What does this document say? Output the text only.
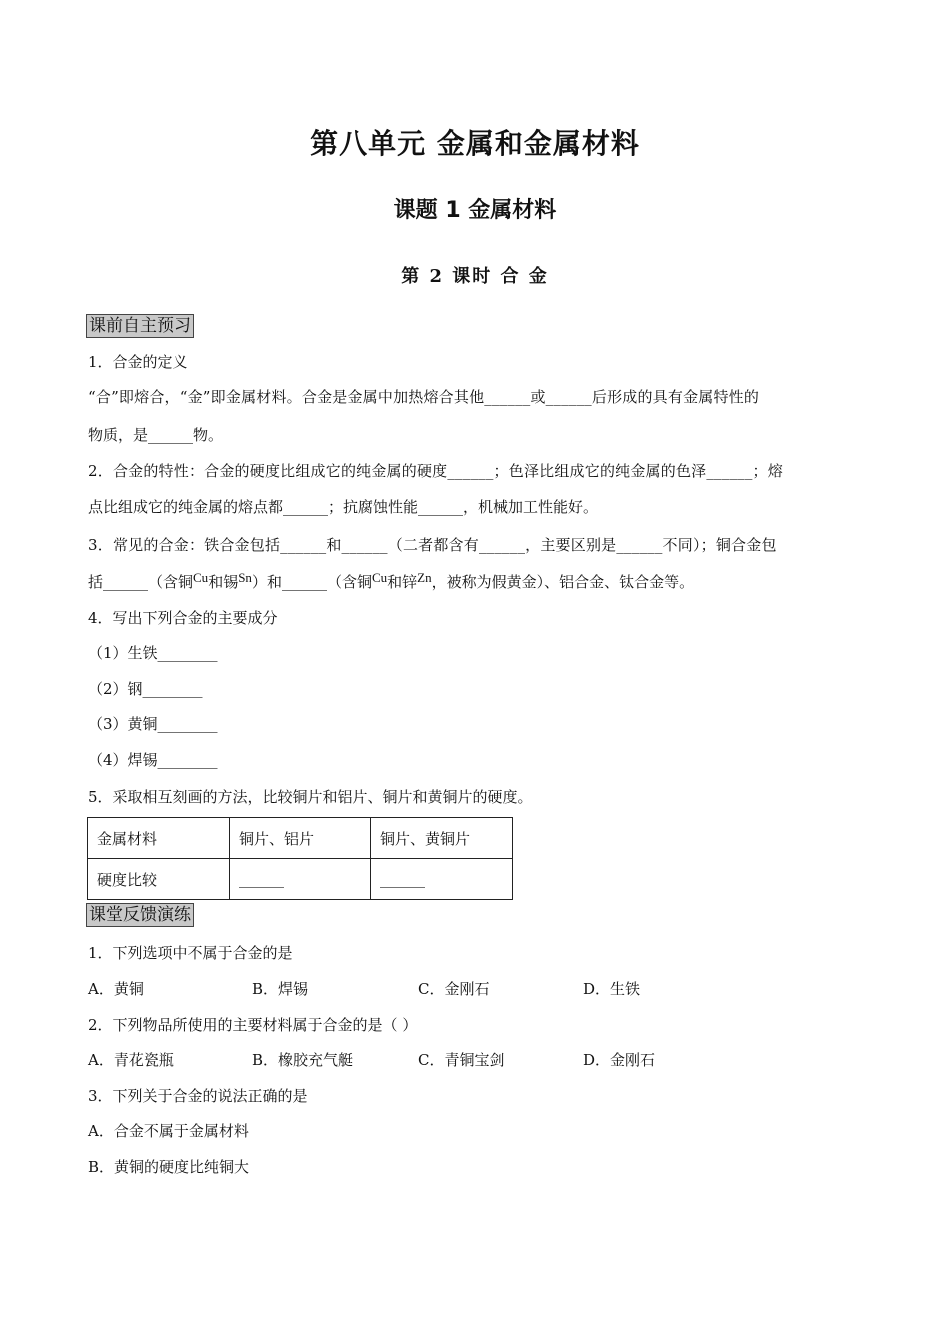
第八单元 金属和金属材料
课题 1 金属材料
第 2 课时 合 金
课前自主预习
1．合金的定义
“合”即熔合，“金”即金属材料。合金是金属中加热熔合其他______或______后形成的具有金属特性的
物质，是______物。
2．合金的特性：合金的硬度比组成它的纯金属的硬度______；色泽比组成它的纯金属的色泽______；熔
点比组成它的纯金属的熔点都______；抗腐蚀性能______，机械加工性能好。
3．常见的合金：铁合金包括______和______（二者都含有______，主要区别是______不同）；铜合金包
括______（含铜Cu和锡Sn）和______（含铜Cu和锌Zn，被称为假黄金）、铝合金、钛合金等。
4．写出下列合金的主要成分
（1）生铁________
（2）钢________
（3）黄铜________
（4）焊锡________
5．采取相互刻画的方法，比较铜片和铝片、铜片和黄铜片的硬度。
金属材料	铜片、铝片	铜片、黄铜片
硬度比较	______	______
课堂反馈演练
1．下列选项中不属于合金的是
A．黄铜	B．焊锡	C．金刚石	D．生铁
2．下列物品所使用的主要材料属于合金的是（ ）
A．青花瓷瓶	B．橡胶充气艇	C．青铜宝剑	D．金刚石
3．下列关于合金的说法正确的是
A．合金不属于金属材料
B．黄铜的硬度比纯铜大
